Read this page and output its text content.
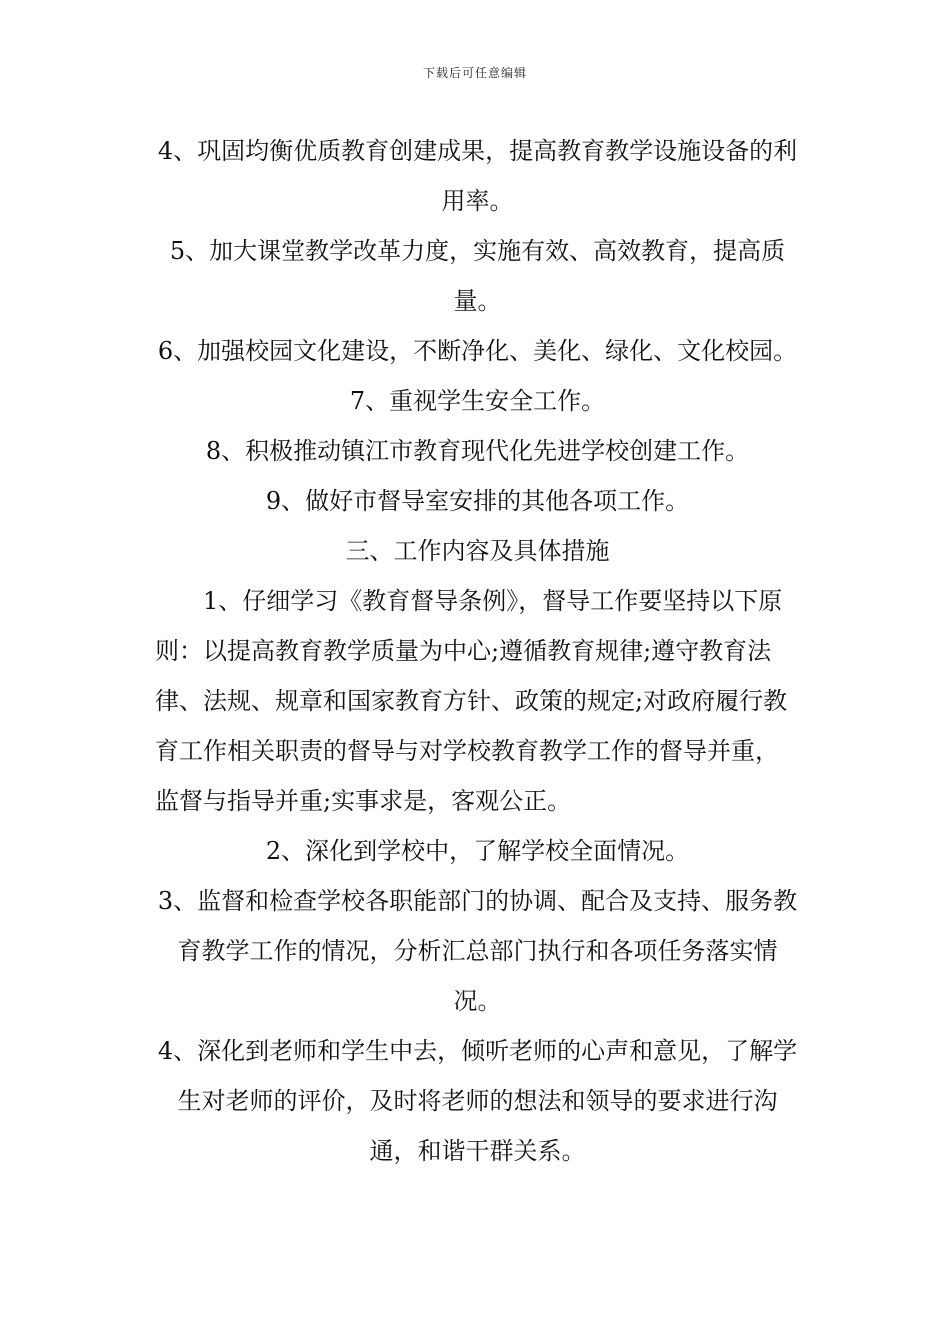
下载后可任意编辑

4、巩固均衡优质教育创建成果，提高教育教学设施设备的利用率。

5、加大课堂教学改革力度，实施有效、高效教育，提高质量。

6、加强校园文化建设，不断净化、美化、绿化、文化校园。

7、重视学生安全工作。

8、积极推动镇江市教育现代化先进学校创建工作。

9、做好市督导室安排的其他各项工作。

三、工作内容及具体措施

1、仔细学习《教育督导条例》，督导工作要坚持以下原则：以提高教育教学质量为中心;遵循教育规律;遵守教育法律、法规、规章和国家教育方针、政策的规定;对政府履行教育工作相关职责的督导与对学校教育教学工作的督导并重，监督与指导并重;实事求是，客观公正。

2、深化到学校中，了解学校全面情况。

3、监督和检查学校各职能部门的协调、配合及支持、服务教育教学工作的情况，分析汇总部门执行和各项任务落实情况。

4、深化到老师和学生中去，倾听老师的心声和意见，了解学生对老师的评价，及时将老师的想法和领导的要求进行沟通，和谐干群关系。
